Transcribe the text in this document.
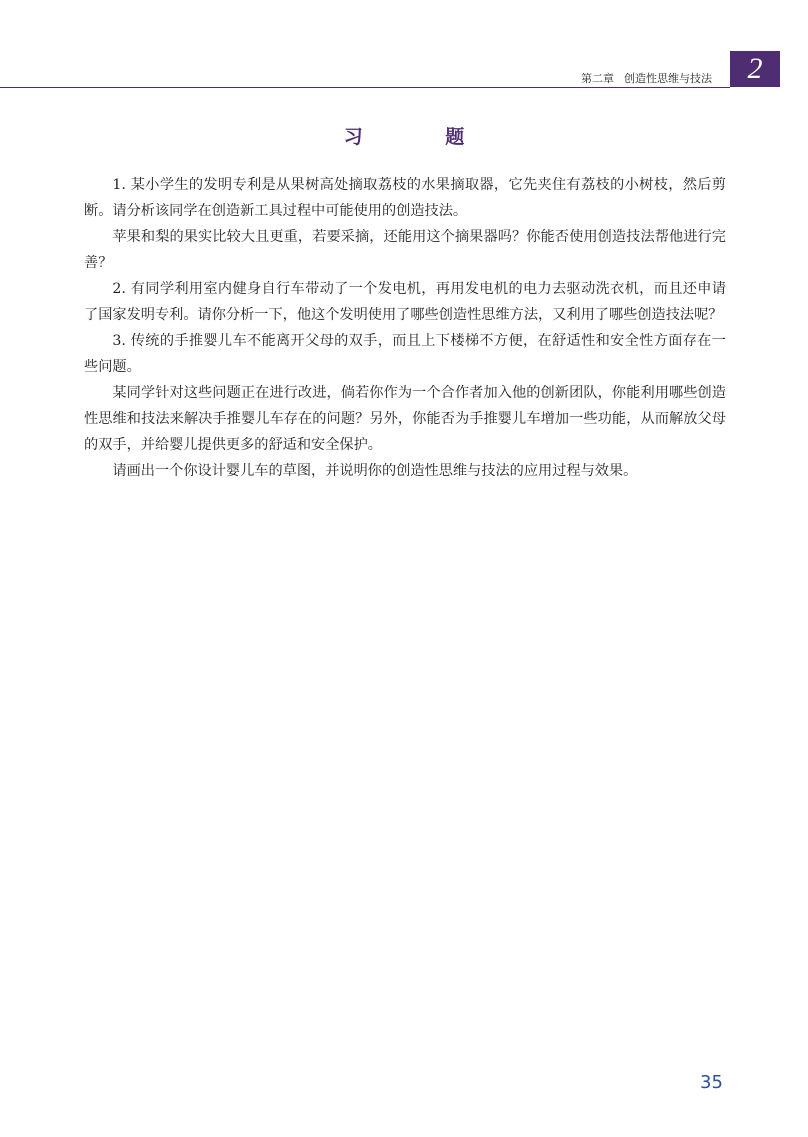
第二章 创造性思维与技法	2
习 题

1. 某小学生的发明专利是从果树高处摘取荔枝的水果摘取器，它先夹住有荔枝的小树枝，然后剪断。请分析该同学在创造新工具过程中可能使用的创造技法。

苹果和梨的果实比较大且更重，若要采摘，还能用这个摘果器吗？你能否使用创造技法帮他进行完善？

2. 有同学利用室内健身自行车带动了一个发电机，再用发电机的电力去驱动洗衣机，而且还申请了国家发明专利。请你分析一下，他这个发明使用了哪些创造性思维方法，又利用了哪些创造技法呢？

3. 传统的手推婴儿车不能离开父母的双手，而且上下楼梯不方便，在舒适性和安全性方面存在一些问题。

某同学针对这些问题正在进行改进，倘若你作为一个合作者加入他的创新团队，你能利用哪些创造性思维和技法来解决手推婴儿车存在的问题？另外，你能否为手推婴儿车增加一些功能，从而解放父母的双手，并给婴儿提供更多的舒适和安全保护。

请画出一个你设计婴儿车的草图，并说明你的创造性思维与技法的应用过程与效果。

35
